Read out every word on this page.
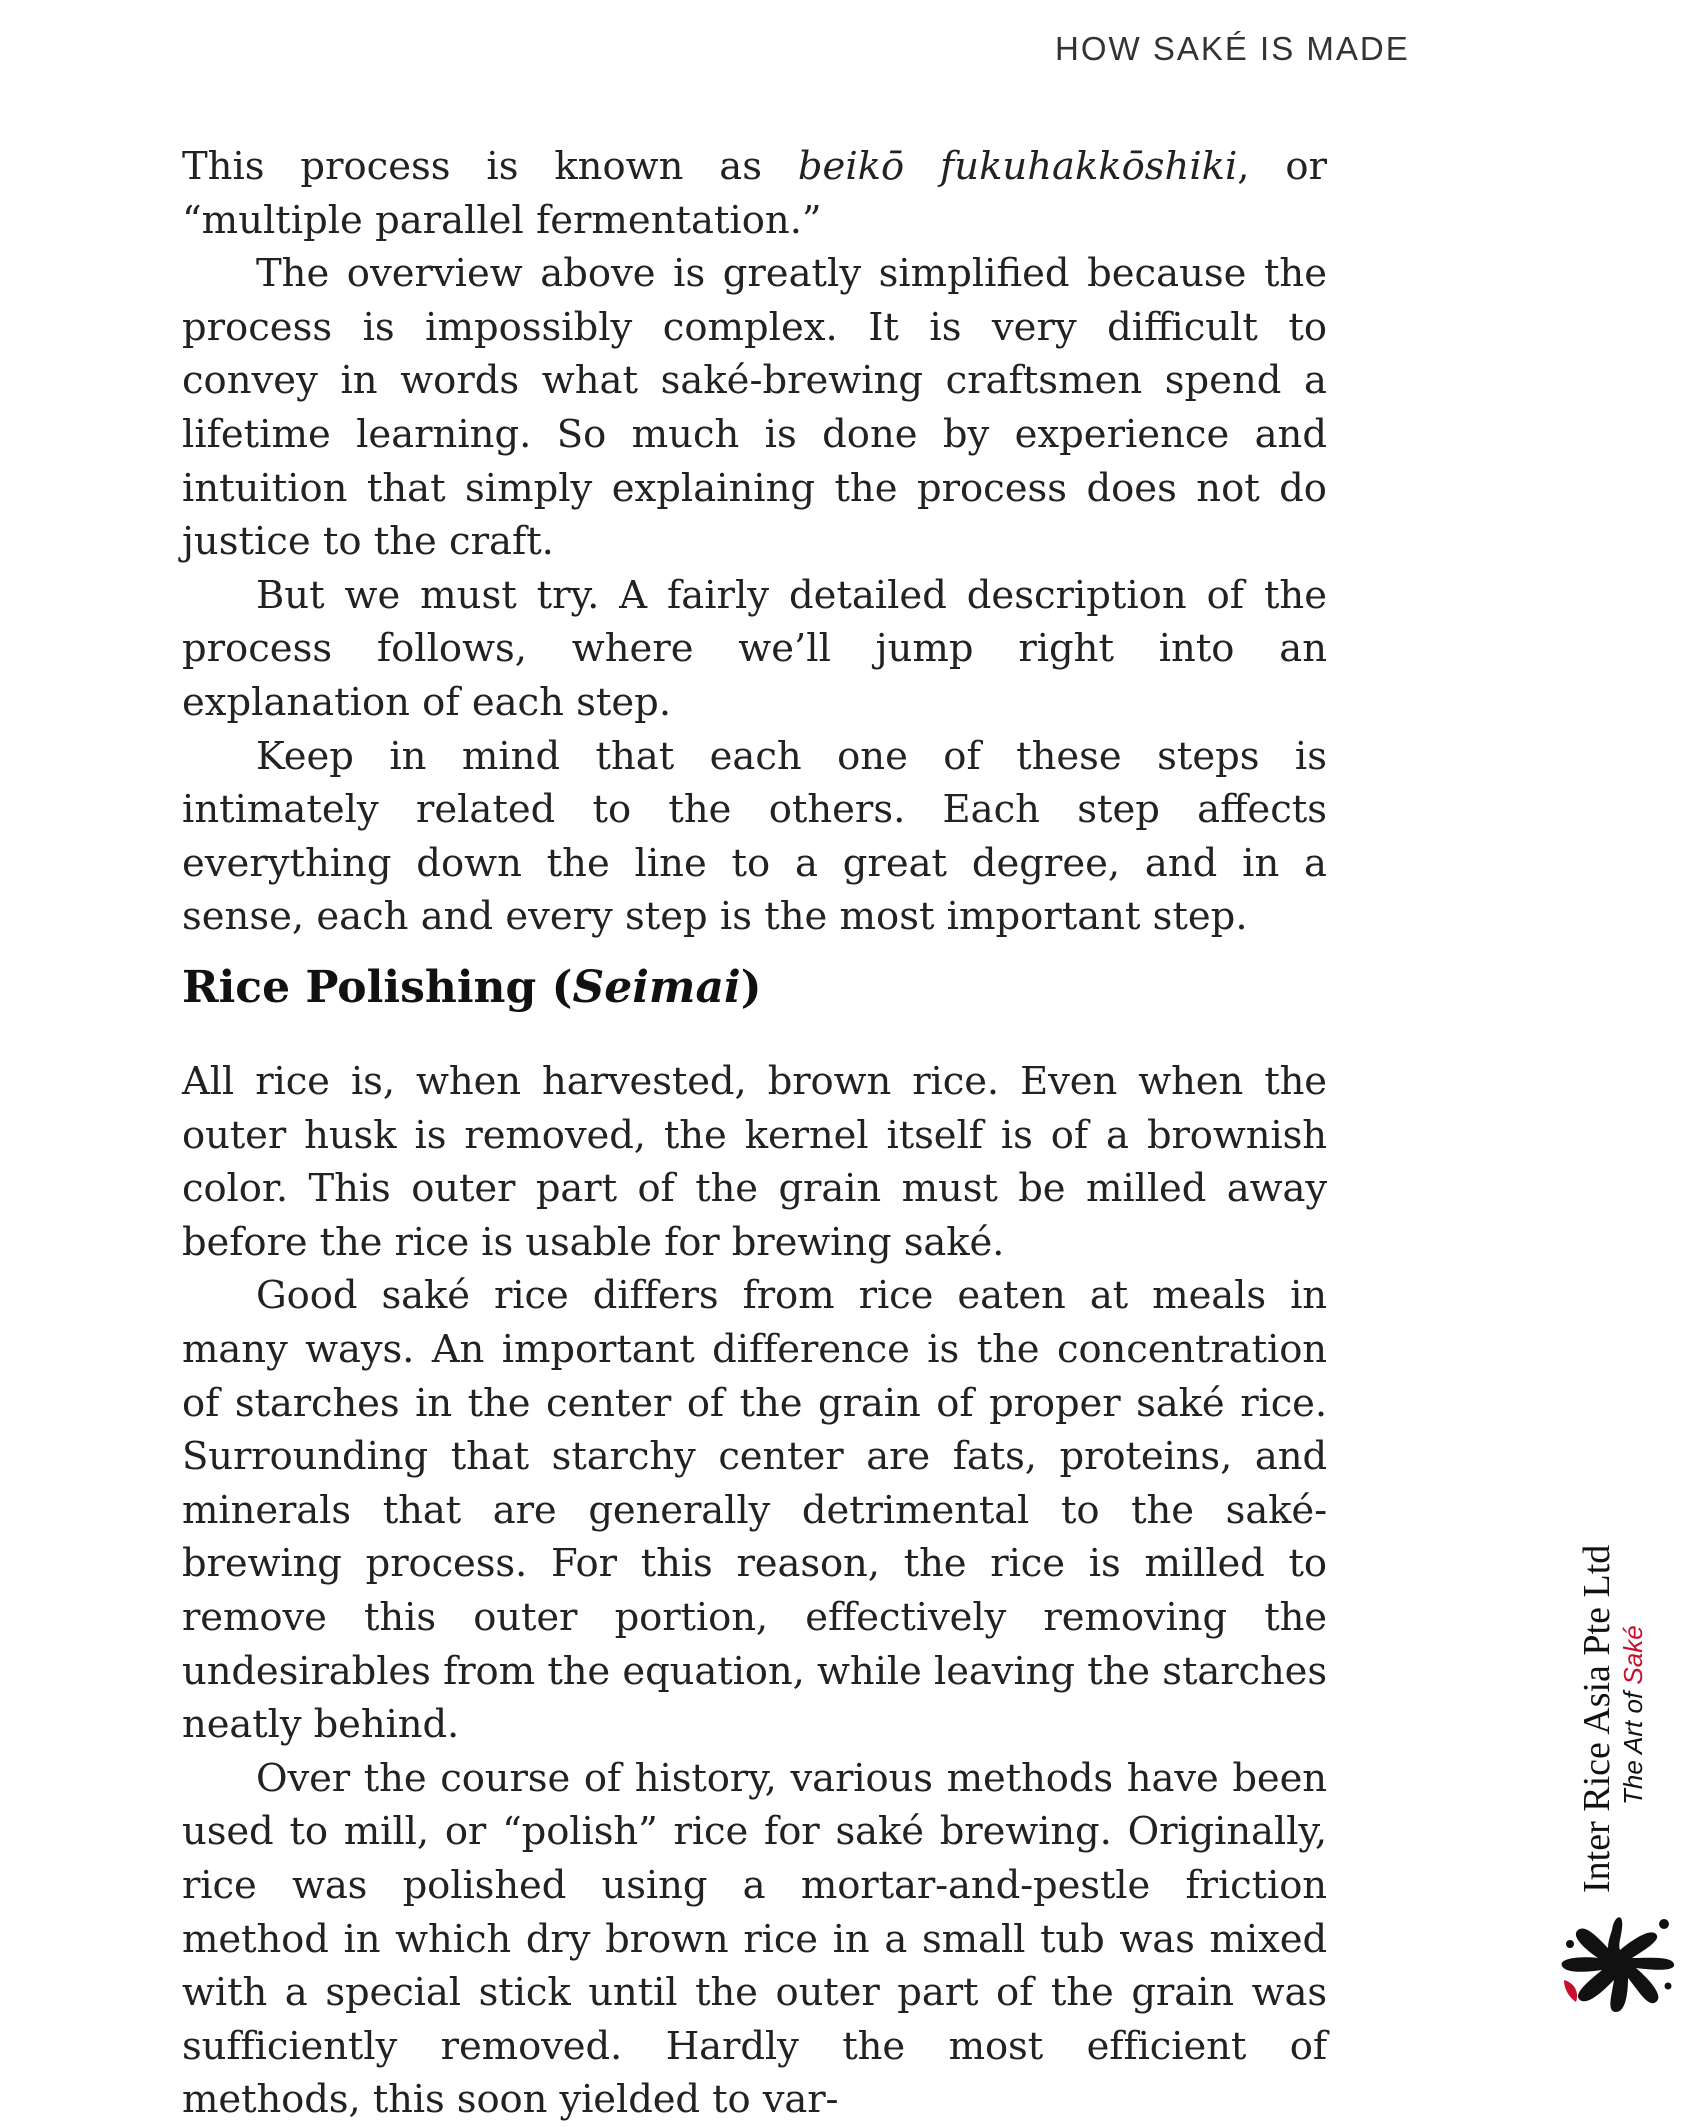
HOW SAKÉ IS MADE

This process is known as beikō fukuhakkōshiki, or “multiple parallel fermentation.”

The overview above is greatly simplified because the process is impossibly complex. It is very difficult to convey in words what saké-brewing craftsmen spend a lifetime learning. So much is done by experience and intuition that simply explaining the process does not do justice to the craft.

But we must try. A fairly detailed description of the process follows, where we’ll jump right into an explanation of each step.

Keep in mind that each one of these steps is intimately related to the others. Each step affects everything down the line to a great degree, and in a sense, each and every step is the most important step.

Rice Polishing (Seimai)

All rice is, when harvested, brown rice. Even when the outer husk is removed, the kernel itself is of a brownish color. This outer part of the grain must be milled away before the rice is usable for brewing saké.

Good saké rice differs from rice eaten at meals in many ways. An important difference is the concentration of starches in the center of the grain of proper saké rice. Surrounding that starchy center are fats, proteins, and minerals that are generally detrimental to the saké-brewing process. For this reason, the rice is milled to remove this outer portion, effectively removing the undesirables from the equation, while leaving the starches neatly behind.

Over the course of history, various methods have been used to mill, or “polish” rice for saké brewing. Originally, rice was polished using a mortar-and-pestle friction method in which dry brown rice in a small tub was mixed with a special stick until the outer part of the grain was sufficiently removed. Hardly the most efficient of methods, this soon yielded to var-

Inter Rice Asia Pte Ltd The Art of Saké
